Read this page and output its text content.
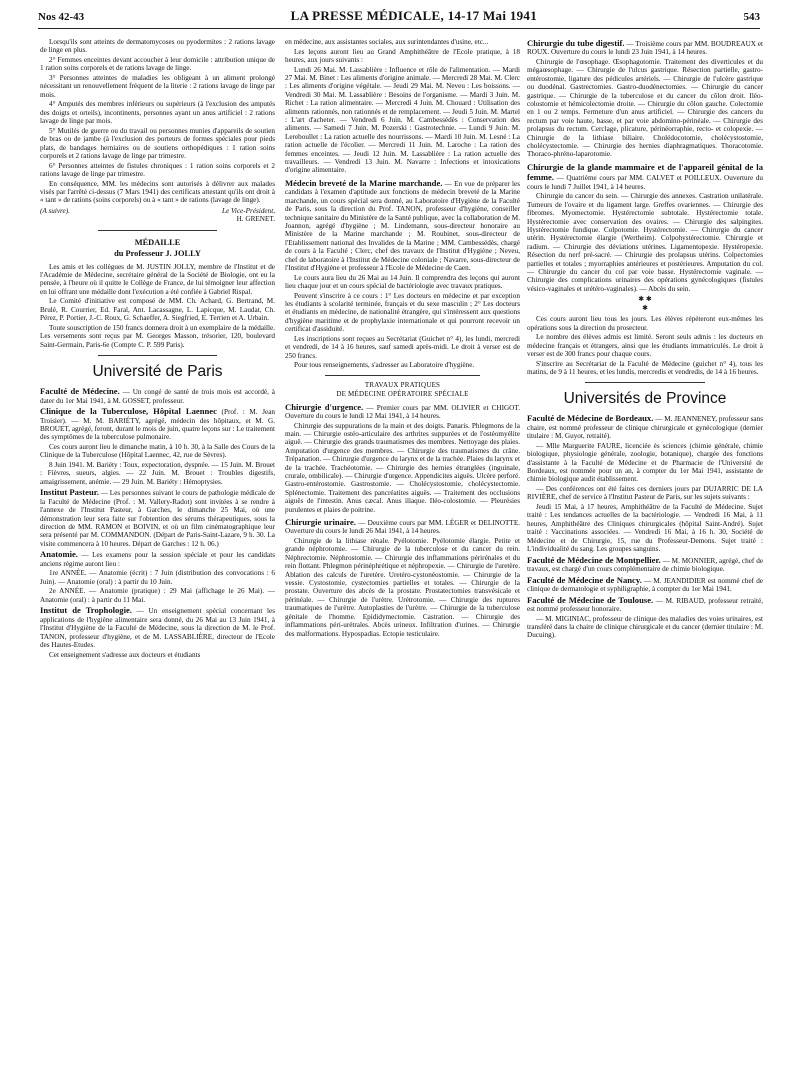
Nos 42-43	LA PRESSE MÉDICALE, 14-17 Mai 1941	543

Lorsqu'ils sont atteints de dermatomycoses ou pyodermites : 2 rations lavage de linge en plus.

2° Femmes enceintes devant accoucher à leur domicile : attribution unique de 1 ration soins corporels et de rations lavage de linge.

3° Personnes atteintes de maladies les obligeant à un aliment prolongé nécessitant un renouvellement fréquent de la literie : 2 rations lavage de linge par mois.

4° Amputés des membres inférieurs ou supérieurs (à l'exclusion des amputés des doigts et orteils), incontinents, personnes ayant un anus artificiel : 2 rations lavage de linge par mois.

5° Mutilés de guerre ou du travail ou personnes munies d'appareils de soutien de bras ou de jambe (à l'exclusion des porteurs de formes spéciales pour pieds plats, de bandages herniaires ou de soutiens orthopédiques : 1 ration soins corporels et 2 rations lavage de linge par trimestre.

6° Personnes atteintes de fistules chroniques : 1 ration soins corporels et 2 rations lavage de linge par trimestre.

En conséquence, MM. les médecins sont autorisés à délivrer aux malades visés par l'arrêté ci-dessus (7 Mars 1941) des certificats attestant qu'ils ont droit à « tant » de rations (soins corporels) ou à « tant » de rations (lavage de linge).

(A suivre).	Le Vice-Président,
H. GRENET.
MÉDAILLE
du Professeur J. JOLLY

Les amis et les collègues de M. JUSTIN JOLLY, membre de l'Institut et de l'Académie de Médecine, secrétaire général de la Société de Biologie, ont eu la pensée, à l'heure où il quitte le Collège de France, de lui témoigner leur affection en lui offrant une médaille dont l'exécution a été confiée à Gabriel Rispal.

Le Comité d'initiative est composé de MM. Ch. Achard, G. Bertrand, M. Brulé, R. Courrier, Ed. Faral, Ant. Lacassagne, L. Lapicque, M. Laudat, Ch. Pérez, P. Portier, J.-C. Roux, G. Schaeffer, A. Siegfried, E. Terrien et A. Urbain.

Toute souscription de 150 francs donnera droit à un exemplaire de la médaille. Les versements sont reçus par M. Georges Masson, trésorier, 120, boulevard Saint-Germain, Paris-6e (Compte C. P. 599 Paris).

Université de Paris

Faculté de Médecine. — Un congé de santé de trois mois est accordé, à dater du 1er Mai 1941, à M. GOSSET, professeur.

Clinique de la Tuberculose, Hôpital Laennec (Prof. : M. Jean Troisier). — M. M. BARIÉTY, agrégé, médecin des hôpitaux, et M. G. BROUET, agrégé, feront, durant le mois de juin, quatre leçons sur : Le traitement des symptômes de la tuberculose pulmonaire.

Ces cours auront lieu le dimanche matin, à 10 h. 30, à la Salle des Cours de la Clinique de la Tuberculose (Hôpital Laennec, 42, rue de Sèvres).

8 Juin 1941. M. Bariéty : Toux, expectoration, dyspnée. — 15 Juin. M. Brouet : Fièvres, sueurs, algies. — 22 Juin. M. Brouet : Troubles digestifs, amaigrissement, anémie. — 29 Juin. M. Bariéty : Hémoptysies.

Institut Pasteur. — Les personnes suivant le cours de pathologie médicale de la Faculté de Médecine (Prof. : M. Vallery-Radot) sont invitées à se rendre à l'annexe de l'Institut Pasteur, à Garches, le dimanche 25 Mai, où une démonstration leur sera faite sur l'obtention des sérums thérapeutiques, sous la direction de MM. RAMON et BOIVIN, et où un film cinématographique leur sera présenté par M. COMMANDON. (Départ de Paris-Saint-Lazare, 9 h. 30. La visite commencera à 10 heures. Départ de Garches : 12 h. 06.)

Anatomie. — Les examens pour la session spéciale et pour les candidats anciens régime auront lieu :

1re ANNÉE. — Anatomie (écrit) : 7 Juin (distribution des convocations : 6 Juin). — Anatomie (oral) : à partir du 10 Juin.

2e ANNÉE. — Anatomie (pratique) : 29 Mai (affichage le 26 Mai). — Anatomie (oral) : à partir du 11 Mai.

Institut de Trophologie. — Un enseignement spécial concernant les applications de l'hygiène alimentaire sera donné, du 26 Mai au 13 Juin 1941, à l'Institut d'Hygiène de la Faculté de Médecine, sous la direction de M. le Prof. TANON, professeur d'hygiène, et de M. LASSABLIÈRE, directeur de l'Ecole des Hautes-Etudes.

Cet enseignement s'adresse aux docteurs et étudiants

en médecine, aux assistantes sociales, aux surintendantes d'usine, etc...

Les leçons auront lieu au Grand Amphithéâtre de l'Ecole pratique, à 18 heures, aux jours suivants :

Lundi 26 Mai. M. Lassablière : Influence et rôle de l'alimentation. — Mardi 27 Mai. M. Binet : Les aliments d'origine animale. — Mercredi 28 Mai. M. Clerc : Les aliments d'origine végétale. — Jeudi 29 Mai. M. Neveu : Les boissons. — Vendredi 30 Mai. M. Lassablière : Besoins de l'organisme. — Mardi 3 Juin. M. Richet : La ration alimentaire. — Mercredi 4 Juin. M. Chouard : Utilisation des aliments rationnés, non rationnés et de remplacement. — Jeudi 5 Juin. M. Martel : L'art d'acheter. — Vendredi 6 Juin. M. Cambessédès : Conservation des aliments. — Samedi 7 Juin. M. Pozerski : Gastrotechnie. — Lundi 9 Juin. M. Lereboullet : La ration actuelle des nourrissons. — Mardi 10 Juin. M. Lesné : La ration actuelle de l'écolier. — Mercredi 11 Juin. M. Laroche : La ration des femmes enceintes. — Jeudi 12 Juin. M. Lassablière : La ration actuelle des travailleurs. — Vendredi 13 Juin. M. Navarre : Infections et intoxications d'origine alimentaire.

Médecin breveté de la Marine marchande. — En vue de préparer les candidats à l'examen d'aptitude aux fonctions de médecin breveté de la Marine marchande, un cours spécial sera donné, au Laboratoire d'Hygiène de la Faculté de Paris, sous la direction du Prof. TANON, professeur d'hygiène, conseiller technique sanitaire du Ministère de la Santé publique, avec la collaboration de M. Joannon, agrégé d'hygiène ; M. Lindemann, sous-directeur honoraire au Ministère de la Marine marchande ; M. Roubinet, sous-directeur de l'Etablissement national des Invalides de la Marine ; MM. Cambessédès, chargé de cours à la Faculté ; Clerc, chef des travaux de l'Institut d'Hygiène ; Neveu, chef de laboratoire à l'Institut de Médecine coloniale ; Navarre, sous-directeur de l'Institut d'Hygiène et professeur à l'Ecole de Médecine de Caen.

Le cours aura lieu du 26 Mai au 14 Juin. Il comprendra des leçons qui auront lieu chaque jour et un cours spécial de bactériologie avec travaux pratiques.

Peuvent s'inscrire à ce cours : 1° Les docteurs en médecine et par exception les étudiants à scolarité terminée, français et du sexe masculin ; 2° Les docteurs et étudiants en médecine, de nationalité étrangère, qui s'intéressent aux questions d'hygiène maritime et de prophylaxie internationale et qui pourront recevoir un certificat d'assiduité.

Les inscriptions sont reçues au Secrétariat (Guichet n° 4), les lundi, mercredi et vendredi, de 14 à 16 heures, sauf samedi après-midi. Le droit à verser est de 250 francs.

Pour tous renseignements, s'adresser au Laboratoire d'hygiène.

TRAVAUX PRATIQUES
DE MÉDECINE OPÉRATOIRE SPÉCIALE

Chirurgie d'urgence. — Premier cours par MM. OLIVIER et CHIGOT. Ouverture du cours le lundi 12 Mai 1941, à 14 heures.

Chirurgie des suppurations de la main et des doigts. Panaris. Phlegmons de la main. — Chirurgie ostéo-articulaire des arthrites suppurées et de l'ostéomyélite aiguë. — Chirurgie des grands traumatismes des membres. Nettoyage des plaies. Amputation d'urgence des membres. — Chirurgie des traumatismes du crâne. Trépanation. — Chirurgie d'urgence du larynx et de la trachée. Plaies du larynx et de la trachée. Trachéotomie. — Chirurgie des hernies étranglées (inguinale, crurale, ombilicale). — Chirurgie d'urgence. Appendicites aiguës. Ulcère perforé. Gastro-entérostomie. Gastrostomie. — Cholécystostomie, cholécystectomie. Splénectomie. Traitement des pancréatites aiguës. — Traitement des occlusions aiguës de l'intestin. Anus cæcal. Anus iliaque. Iléo-colostomie. — Pleurésies purulentes et plaies de poitrine.

Chirurgie urinaire. — Deuxième cours par MM. LÉGER et DELINOTTE. Ouverture du cours le lundi 26 Mai 1941, à 14 heures.

Chirurgie de la lithiase rénale. Pyélotomie. Pyélotomie élargie. Petite et grande néphrotomie. — Chirurgie de la tuberculose et du cancer du rein. Néphrectomie. Néphrostomie. — Chirurgie des inflammations périrénales et du rein flottant. Phlegmon périnéphrétique et néphropexie. — Chirurgie de l'uretère. Ablation des calculs de l'uretère. Uretéro-cystonéostomie. — Chirurgie de la vessie. Cystostomie, cystectomies partielles et totales. — Chirurgie de la prostate. Ouverture des abcès de la prostate. Prostatectomies transvésicale et périnéale. — Chirurgie de l'urètre. Urétrotomie. — Chirurgie des ruptures traumatiques de l'urètre. Autoplasties de l'urètre. — Chirurgie de la tuberculose génitale de l'homme. Epididymectomie. Castration. — Chirurgie des inflammations péri-urétrales. Abcès urineux. Infiltration d'urines. — Chirurgie des malformations. Hypospadias. Ectopie testiculaire.

Chirurgie du tube digestif. — Troisième cours par MM. BOUDREAUX et ROUX. Ouverture du cours le lundi 23 Juin 1941, à 14 heures.

Chirurgie de l'œsophage. Œsophagotomie. Traitement des diverticules et du mégaœsophage. — Chirurgie de l'ulcus gastrique. Résection partielle, gastro-entérostomie, ligature des pédicules artériels. — Chirurgie de l'ulcère gastrique ou duodénal. Gastrectomies. Gastro-duodénectomies. — Chirurgie du cancer gastrique. — Chirurgie de la tuberculose et du cancer du côlon droit. Iléo-colostomie et hémicolectomie droite. — Chirurgie du côlon gauche. Colectomie en 1 ou 2 temps. Fermeture d'un anus artificiel. — Chirurgie des cancers du rectum par voie haute, basse, et par voie abdomino-périnéale. — Chirurgie des prolapsus du rectum. Cerclage, plicature, périnéorraphie, recto- et colopexie. — Chirurgie de la lithiase biliaire. Cholédocotomie, cholécystostomie, cholécystectomie. — Chirurgie des hernies diaphragmatiques. Thoracotomie. Thoraco-phréno-laparotomie.

Chirurgie de la glande mammaire et de l'appareil génital de la femme. — Quatrième cours par MM. CALVET et POILLEUX. Ouverture du cours le lundi 7 Juillet 1941, à 14 heures.

Chirurgie du cancer du sein. — Chirurgie des annexes. Castration unilatérale. Tumeurs de l'ovaire et du ligament large. Greffes ovariennes. — Chirurgie des fibromes. Myomectomie. Hystérectomie subtotale. Hystérectomie totale. Hystérectomie avec conservation des ovaires. — Chirurgie des salpingites. Hystérectomie fundique. Colpotomie. Hystérectomie. — Chirurgie du cancer utérin. Hystérectomie élargie (Wertheim). Colpohystérectomie. Chirurgie et radium. — Chirurgie des déviations utérines. Ligamentopexie. Hystéropexie. Résection du nerf pré-sacré. — Chirurgie des prolapsus utérins. Colpectomies partielles et totales ; myorraphies antérieures et postérieures. Amputation du col. — Chirurgie du cancer du col par voie basse. Hystérectomie vaginale. — Chirurgie des complications urinaires des opérations gynécologiques (fistules vésico-vaginales et urétéro-vaginales). — Abcès du sein.

✱ ✱
✱

Ces cours auront lieu tous les jours. Les élèves répéteront eux-mêmes les opérations sous la direction du prosecteur.

Le nombre des élèves admis est limité. Seront seuls admis : les docteurs en médecine français et étrangers, ainsi que les étudiants immatriculés. Le droit à verser est de 300 francs pour chaque cours.

S'inscrire au Secrétariat de la Faculté de Médecine (guichet n° 4), tous les matins, de 9 à 11 heures, et les lundis, mercredis et vendredis, de 14 à 16 heures.

Universités de Province

Faculté de Médecine de Bordeaux. — M. JEANNENEY, professeur sans chaire, est nommé professeur de clinique chirurgicale et gynécologique (dernier titulaire : M. Guyot, retraité).

— Mlle Marguerite FAURE, licenciée ès sciences (chimie générale, chimie biologique, physiologie générale, zoologie, botanique), chargée des fonctions d'assistante à la Faculté de Médecine et de Pharmacie de l'Université de Bordeaux, est nommée pour un an, à compter du 1er Mai 1941, assistante de chimie biologique audit établissement.

— Des conférences ont été faites ces derniers jours par DUJARRIC DE LA RIVIÈRE, chef de service à l'Institut Pasteur de Paris, sur les sujets suivants :

Jeudi 15 Mai, à 17 heures, Amphithéâtre de la Faculté de Médecine. Sujet traité : Les tendances actuelles de la bactériologie. — Vendredi 16 Mai, à 11 heures, Amphithéâtre des Cliniques chirurgicales (hôpital Saint-André). Sujet traité : Vaccinations associées. — Vendredi 16 Mai, à 16 h. 30, Société de Médecine et de Chirurgie, 15, rue du Professeur-Demons. Sujet traité : L'individualité du sang. Les groupes sanguins.

Faculté de Médecine de Montpellier. — M. MONNIER, agrégé, chef de travaux, est chargé d'un cours complémentaire de chimie biologique.

Faculté de Médecine de Nancy. — M. JEANDIDIER est nommé chef de clinique de dermatologie et syphiligraphie, à compter du 1er Mai 1941.

Faculté de Médecine de Toulouse. — M. RIBAUD, professeur retraité, est nommé professeur honoraire.

— M. MIGINIAC, professeur de clinique des maladies des voies urinaires, est transféré dans la chaire de clinique chirurgicale et du cancer (dernier titulaire : M. Ducuing).
